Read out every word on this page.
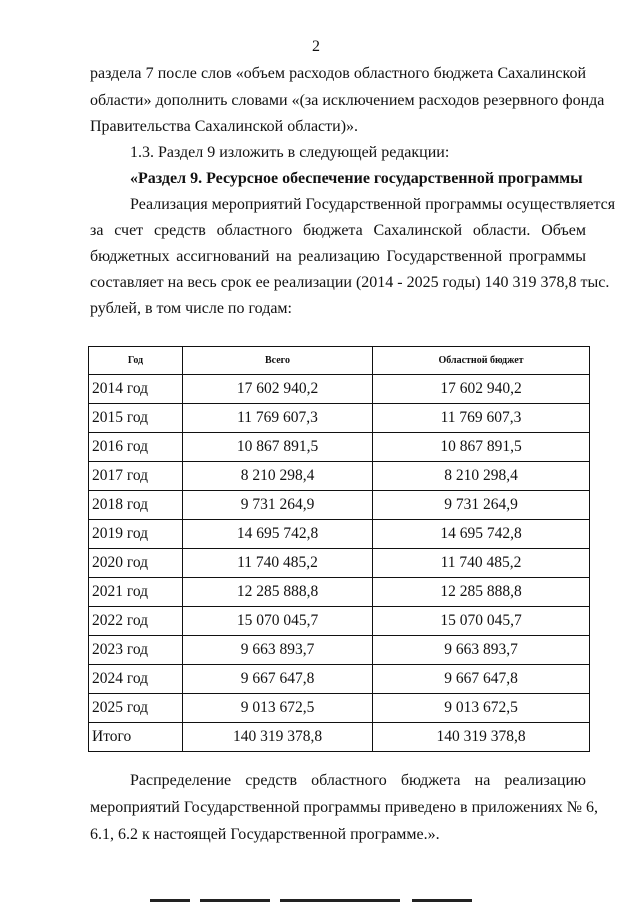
2
раздела 7 после слов «объем расходов областного бюджета Сахалинской
области» дополнить словами «(за исключением расходов резервного фонда
Правительства Сахалинской области)».
1.3. Раздел 9 изложить в следующей редакции:
«Раздел 9. Ресурсное обеспечение государственной программы
Реализация мероприятий Государственной программы осуществляется
за счет средств областного бюджета Сахалинской области. Объем
бюджетных ассигнований на реализацию Государственной программы
составляет на весь срок ее реализации (2014 - 2025 годы) 140 319 378,8 тыс.
рублей, в том числе по годам:
Год	Всего	Областной бюджет
2014 год	17 602 940,2	17 602 940,2
2015 год	11 769 607,3	11 769 607,3
2016 год	10 867 891,5	10 867 891,5
2017 год	8 210 298,4	8 210 298,4
2018 год	9 731 264,9	9 731 264,9
2019 год	14 695 742,8	14 695 742,8
2020 год	11 740 485,2	11 740 485,2
2021 год	12 285 888,8	12 285 888,8
2022 год	15 070 045,7	15 070 045,7
2023 год	9 663 893,7	9 663 893,7
2024 год	9 667 647,8	9 667 647,8
2025 год	9 013 672,5	9 013 672,5
Итого	140 319 378,8	140 319 378,8
Распределение средств областного бюджета на реализацию
мероприятий Государственной программы приведено в приложениях № 6,
6.1, 6.2 к настоящей Государственной программе.».
